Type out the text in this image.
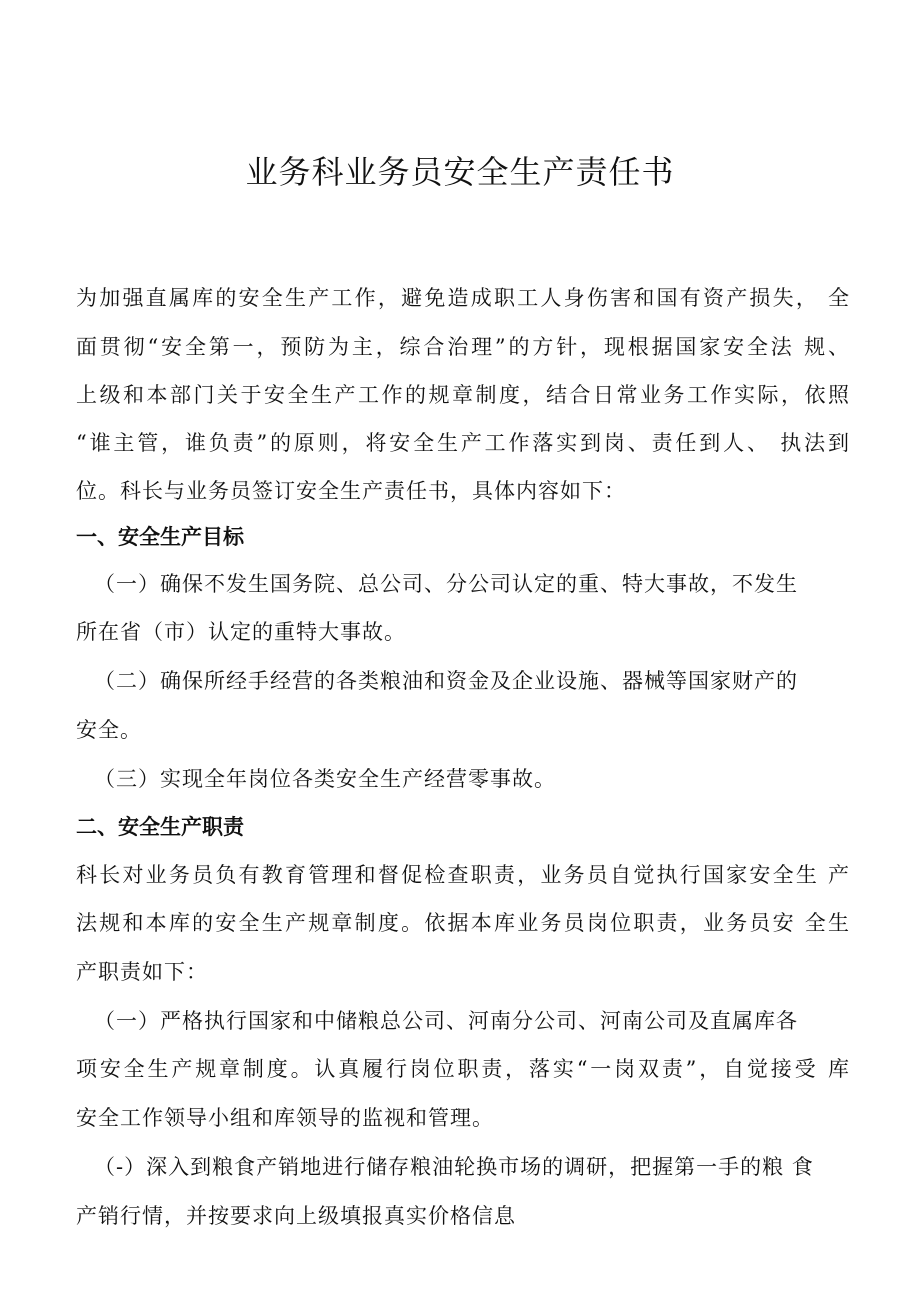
业务科业务员安全生产责任书

为加强直属库的安全生产工作，避免造成职工人身伤害和国有资产损失， 全

面贯彻“安全第一，预防为主，综合治理”的方针，现根据国家安全法 规、

上级和本部门关于安全生产工作的规章制度，结合日常业务工作实际，依照

“谁主管，谁负责”的原则，将安全生产工作落实到岗、责任到人、 执法到

位。科长与业务员签订安全生产责任书，具体内容如下：

一、安全生产目标

（一）确保不发生国务院、总公司、分公司认定的重、特大事故，不发生

所在省（市）认定的重特大事故。

（二）确保所经手经营的各类粮油和资金及企业设施、器械等国家财产的

安全。

（三）实现全年岗位各类安全生产经营零事故。

二、安全生产职责

科长对业务员负有教育管理和督促检查职责，业务员自觉执行国家安全生 产

法规和本库的安全生产规章制度。依据本库业务员岗位职责，业务员安 全生

产职责如下：

（一）严格执行国家和中储粮总公司、河南分公司、河南公司及直属库各

项安全生产规章制度。认真履行岗位职责，落实“一岗双责”，自觉接受 库

安全工作领导小组和库领导的监视和管理。

（-）深入到粮食产销地进行储存粮油轮换市场的调研，把握第一手的粮 食

产销行情，并按要求向上级填报真实价格信息
